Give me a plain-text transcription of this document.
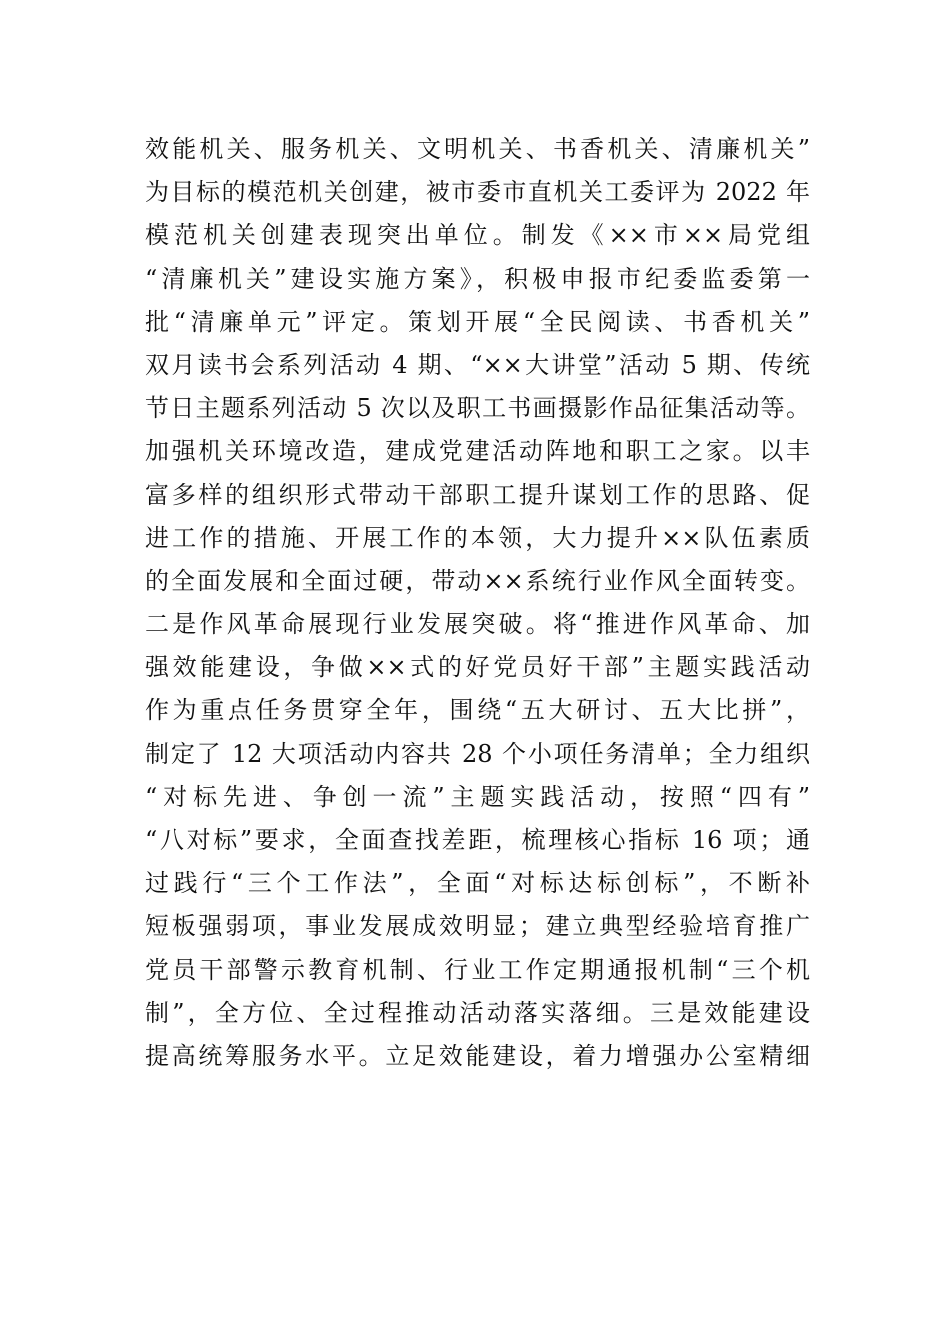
效能机关、服务机关、文明机关、书香机关、清廉机关”
为目标的模范机关创建，被市委市直机关工委评为 2022 年
模范机关创建表现突出单位。制发《××市××局党组
“清廉机关”建设实施方案》，积极申报市纪委监委第一
批“清廉单元”评定。策划开展“全民阅读、书香机关”
双月读书会系列活动 4 期、“××大讲堂”活动 5 期、传统
节日主题系列活动 5 次以及职工书画摄影作品征集活动等。
加强机关环境改造，建成党建活动阵地和职工之家。以丰
富多样的组织形式带动干部职工提升谋划工作的思路、促
进工作的措施、开展工作的本领，大力提升××队伍素质
的全面发展和全面过硬，带动××系统行业作风全面转变。
二是作风革命展现行业发展突破。将“推进作风革命、加
强效能建设，争做××式的好党员好干部”主题实践活动
作为重点任务贯穿全年，围绕“五大研讨、五大比拼”，
制定了 12 大项活动内容共 28 个小项任务清单；全力组织
“对标先进、争创一流”主题实践活动，按照“四有”
“八对标”要求，全面查找差距，梳理核心指标 16 项；通
过践行“三个工作法”，全面“对标达标创标”，不断补
短板强弱项，事业发展成效明显；建立典型经验培育推广
党员干部警示教育机制、行业工作定期通报机制“三个机
制”，全方位、全过程推动活动落实落细。三是效能建设
提高统筹服务水平。立足效能建设，着力增强办公室精细
